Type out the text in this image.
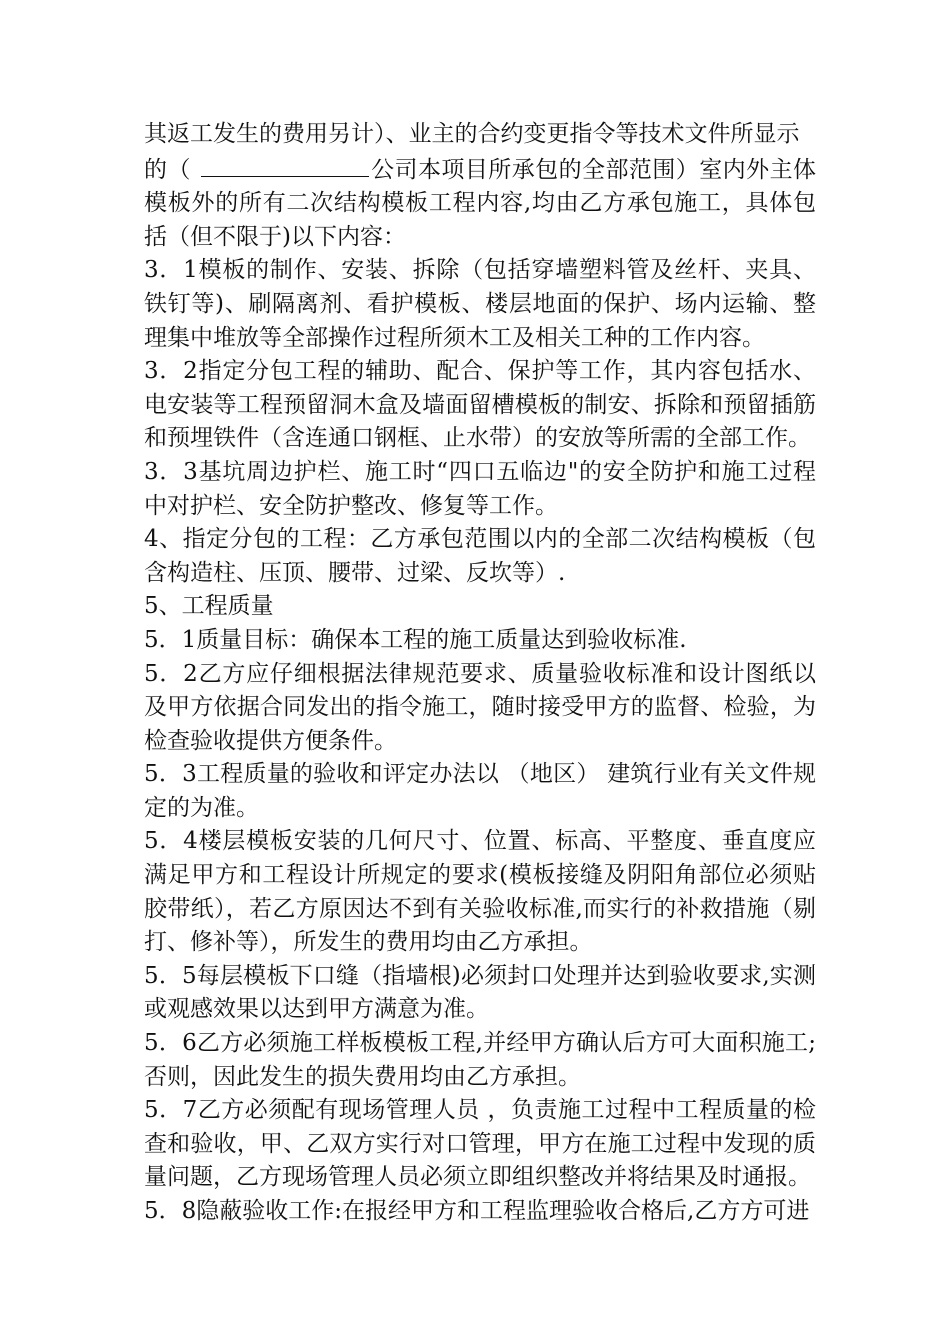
其返工发生的费用另计）、业主的合约变更指令等技术文件所显示

的（	公司本项目所承包的全部范围）室内外主体模板外的所有二次结构模板工程内容,均由乙方承包施工，具体包括（但不限于)以下内容：

3．1模板的制作、安装、拆除（包括穿墙塑料管及丝杆、夹具、铁钉等)、刷隔离剂、看护模板、楼层地面的保护、场内运输、整理集中堆放等全部操作过程所须木工及相关工种的工作内容。

3．2指定分包工程的辅助、配合、保护等工作，其内容包括水、电安装等工程预留洞木盒及墙面留槽模板的制安、拆除和预留插筋和预埋铁件（含连通口钢框、止水带）的安放等所需的全部工作。

3．3基坑周边护栏、施工时“四口五临边"的安全防护和施工过程中对护栏、安全防护整改、修复等工作。

4、指定分包的工程：乙方承包范围以内的全部二次结构模板（包含构造柱、压顶、腰带、过梁、反坎等）.

5、工程质量

5．1质量目标：确保本工程的施工质量达到验收标准.

5．2乙方应仔细根据法律规范要求、质量验收标准和设计图纸以及甲方依据合同发出的指令施工，随时接受甲方的监督、检验，为检查验收提供方便条件。

5．3工程质量的验收和评定办法以 （地区） 建筑行业有关文件规定的为准。

5．4楼层模板安装的几何尺寸、位置、标高、平整度、垂直度应满足甲方和工程设计所规定的要求(模板接缝及阴阳角部位必须贴胶带纸），若乙方原因达不到有关验收标准,而实行的补救措施（剔打、修补等），所发生的费用均由乙方承担。

5．5每层模板下口缝（指墙根)必须封口处理并达到验收要求,实测或观感效果以达到甲方满意为准。

5．6乙方必须施工样板模板工程,并经甲方确认后方可大面积施工;否则，因此发生的损失费用均由乙方承担。

5．7乙方必须配有现场管理人员 ，负责施工过程中工程质量的检查和验收，甲、乙双方实行对口管理，甲方在施工过程中发现的质量问题，乙方现场管理人员必须立即组织整改并将结果及时通报。

5．8隐蔽验收工作:在报经甲方和工程监理验收合格后,乙方方可进
